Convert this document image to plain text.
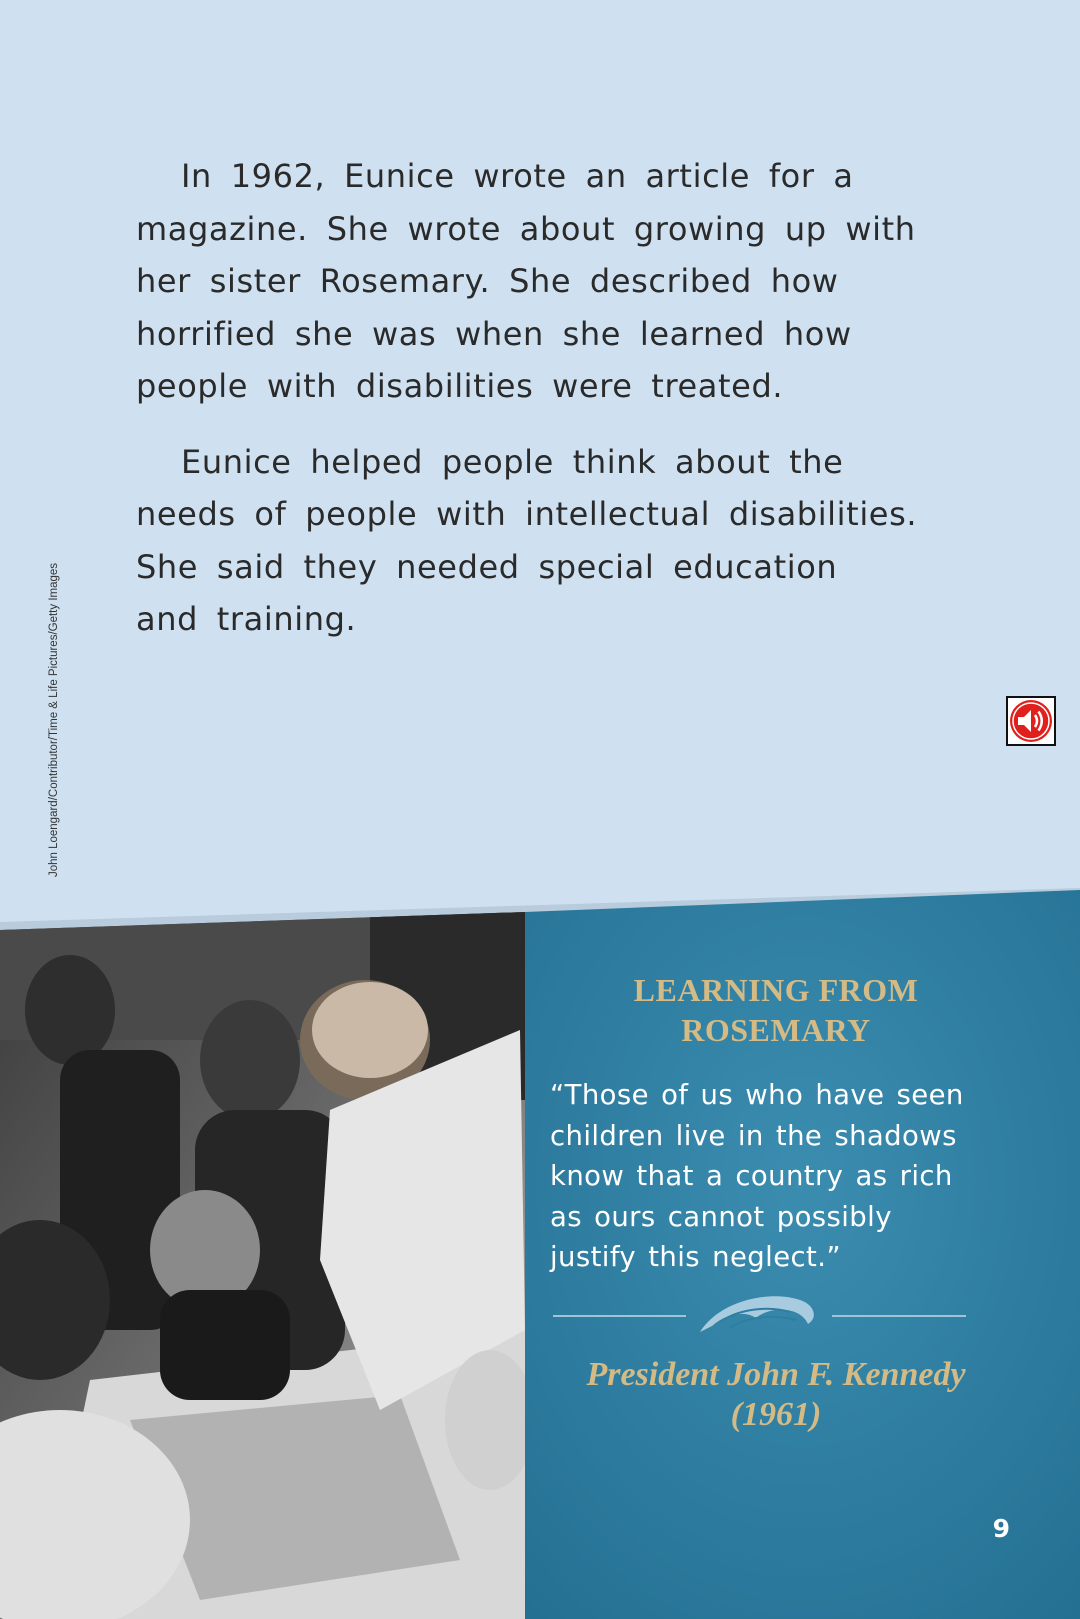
In 1962, Eunice wrote an article for a
magazine. She wrote about growing up with
her sister Rosemary. She described how
horrified she was when she learned how
people with disabilities were treated.

Eunice helped people think about the
needs of people with intellectual disabilities.
She said they needed special education
and training.

John Loengard/Contributor/Time & Life Pictures/Getty Images
LEARNING FROM
ROSEMARY
“Those of us who have seen
children live in the shadows
know that a country as rich
as ours cannot possibly
justify this neglect.”
President John F. Kennedy
(1961)
9
